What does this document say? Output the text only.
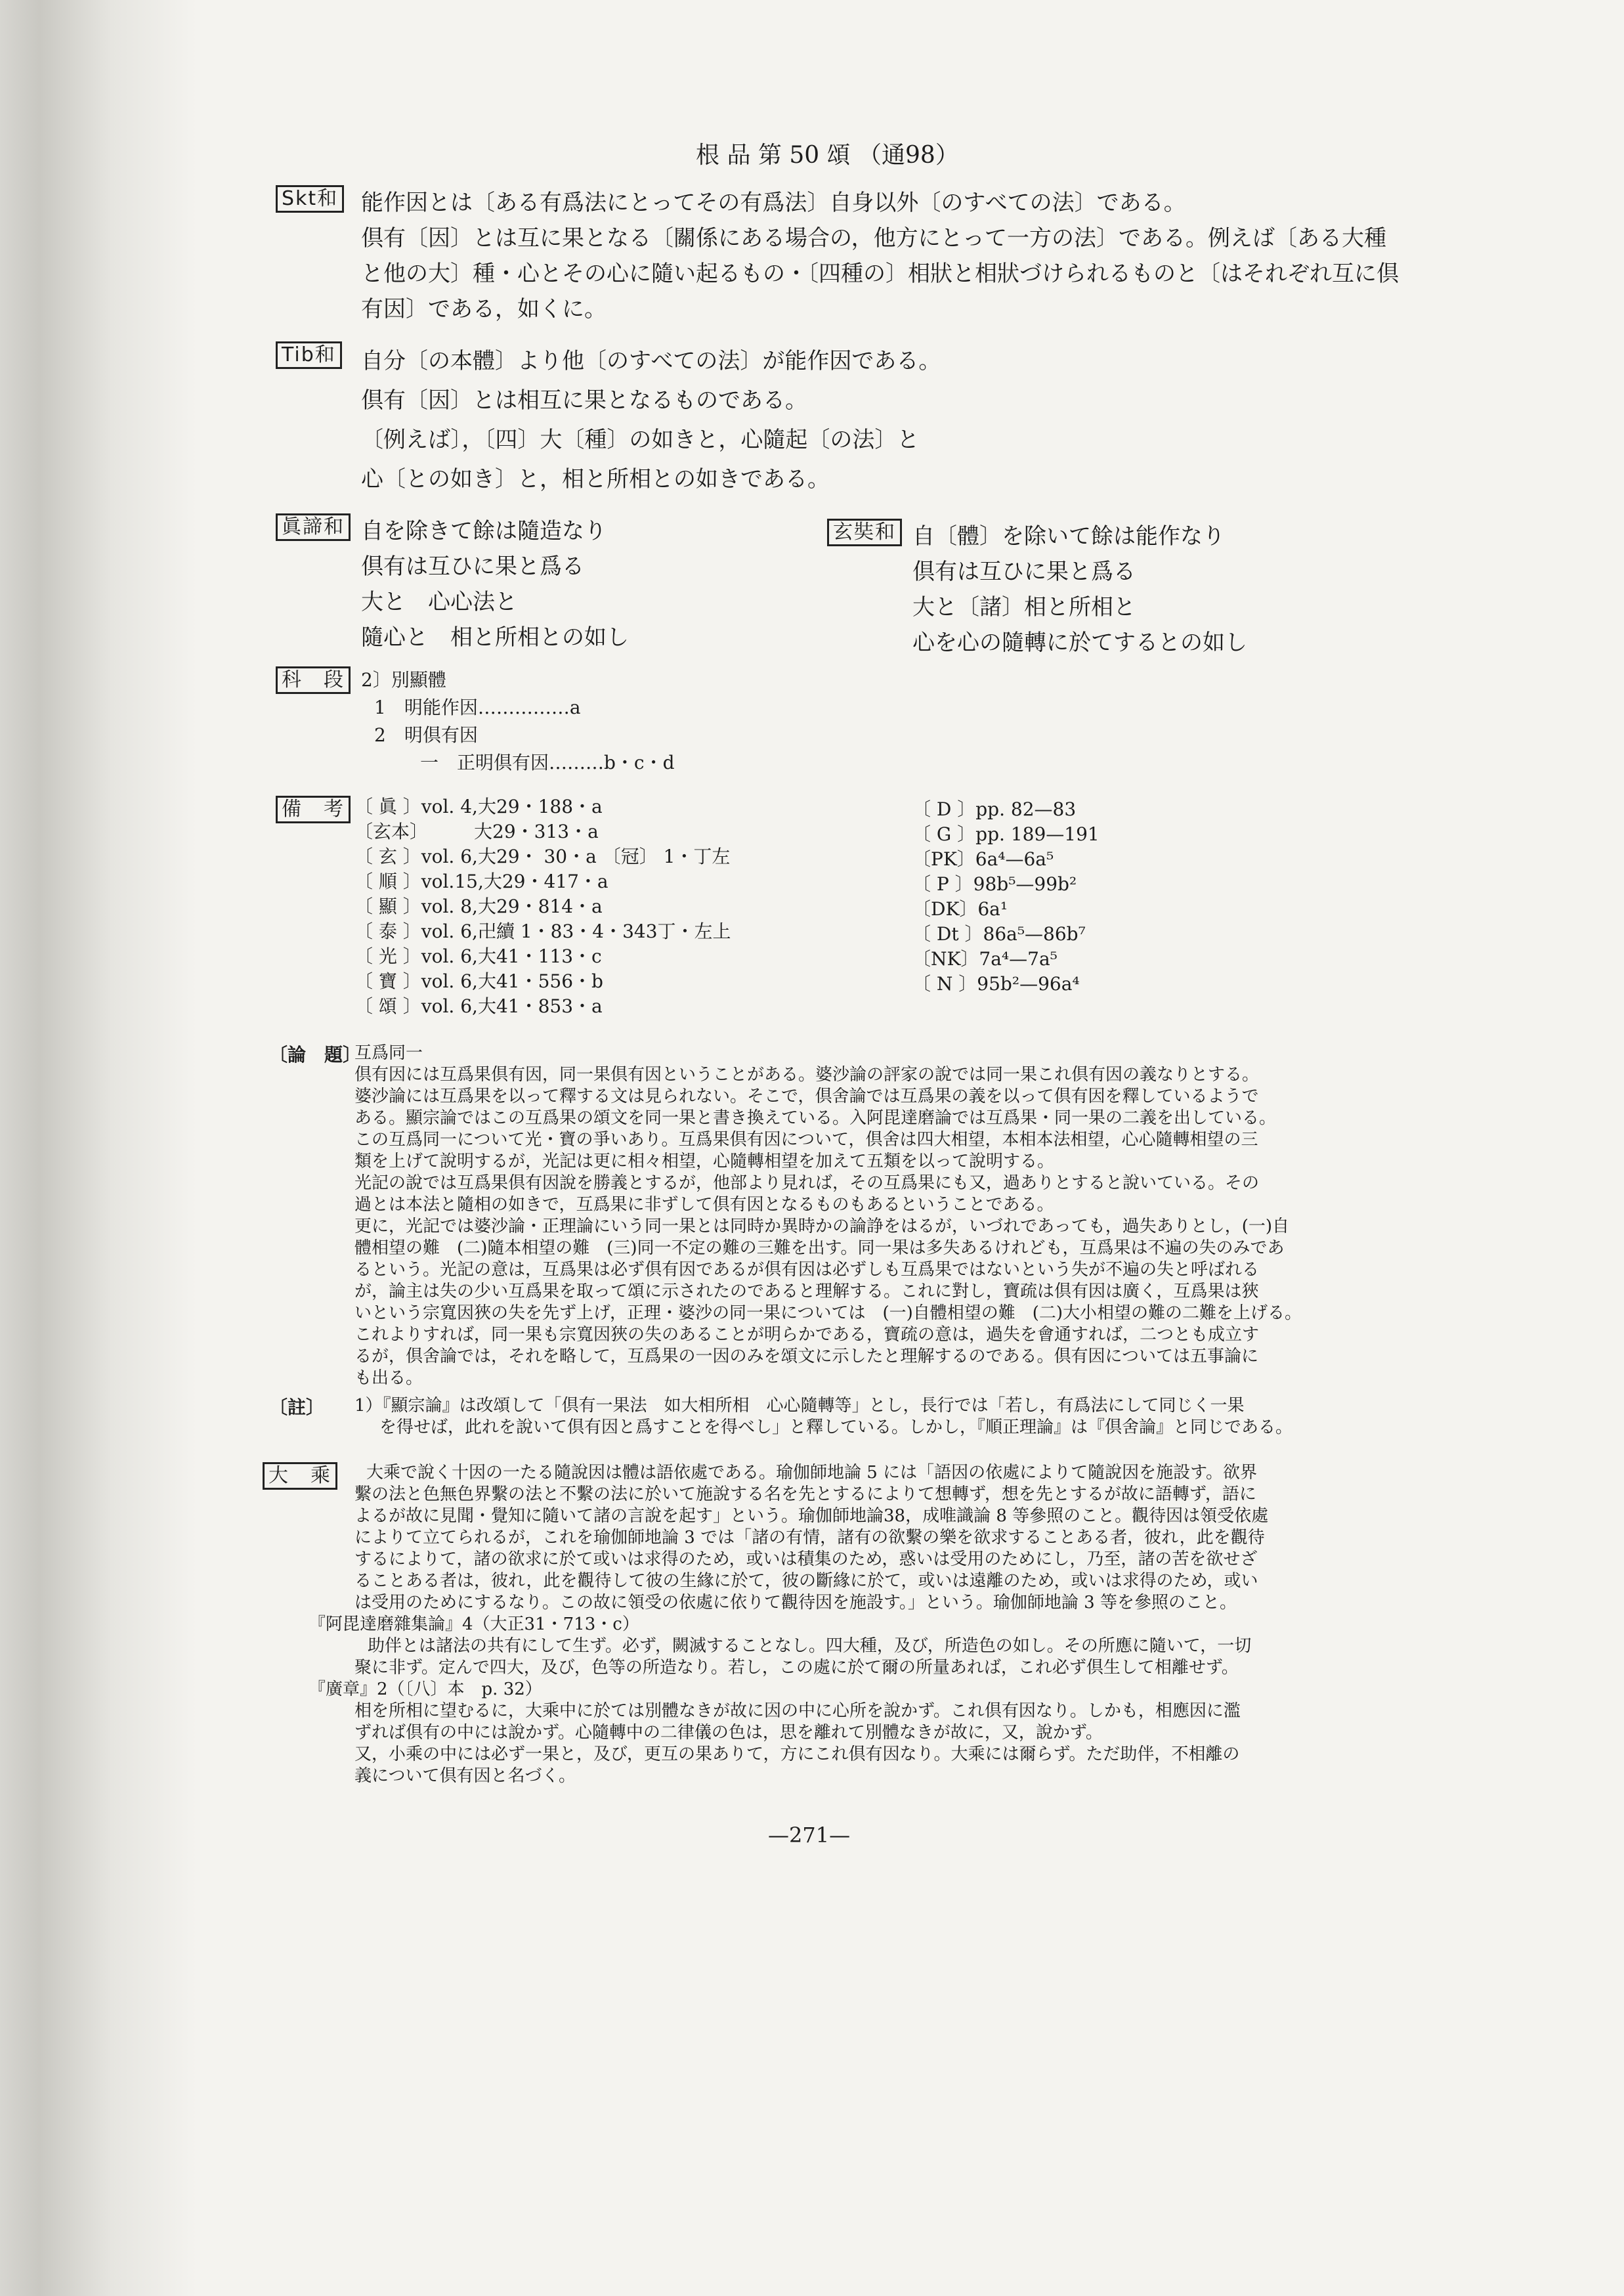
根 品 第 50 頌 （通98）
Skt和 能作因とは〔ある有爲法にとってその有爲法〕自身以外〔のすべての法〕である。
倶有〔因〕とは互に果となる〔關係にある場合の，他方にとって一方の法〕である。例えば〔ある大種
と他の大〕種・心とその心に隨い起るもの・〔四種の〕相狀と相狀づけられるものと〔はそれぞれ互に倶
有因〕である，如くに。
Tib和 自分〔の本體〕より他〔のすべての法〕が能作因である。
倶有〔因〕とは相互に果となるものである。
〔例えば〕，〔四〕大〔種〕の如きと，心隨起〔の法〕と
心〔との如き〕と，相と所相との如きである。
眞諦和 自を除きて餘は隨造なり
倶有は互ひに果と爲る
大と　心心法と
隨心と　相と所相との如し
玄奘和 自〔體〕を除いて餘は能作なり
倶有は互ひに果と爲る
大と〔諸〕相と所相と
心を心の隨轉に於てするとの如し
科　段 2〕別顯體
1　明能作因……………a
2　明倶有因
一　正明倶有因………b・c・d
備　考 〔 眞 〕vol. 4,大29・188・a
〔玄本〕　　　大29・313・a
〔 玄 〕vol. 6,大29・ 30・a 〔冠〕 1・丁左
〔 順 〕vol.15,大29・417・a
〔 顯 〕vol. 8,大29・814・a
〔 泰 〕vol. 6,卍續 1・83・4・343丁・左上
〔 光 〕vol. 6,大41・113・c
〔 寶 〕vol. 6,大41・556・b
〔 頌 〕vol. 6,大41・853・a
〔 D 〕pp. 82—83
〔 G 〕pp. 189—191
〔PK〕6a⁴—6a⁵
〔 P 〕98b⁵—99b²
〔DK〕6a¹
〔 Dt 〕86a⁵—86b⁷
〔NK〕7a⁴—7a⁵
〔 N 〕95b²—96a⁴
〔論　題〕
互爲同一
倶有因には互爲果倶有因，同一果倶有因ということがある。婆沙論の評家の說では同一果これ倶有因の義なりとする。
婆沙論には互爲果を以って釋する文は見られない。そこで，倶舍論では互爲果の義を以って倶有因を釋しているようで
ある。顯宗論ではこの互爲果の頌文を同一果と書き換えている。入阿毘達磨論では互爲果・同一果の二義を出している。
この互爲同一について光・寶の爭いあり。互爲果倶有因について，倶舍は四大相望，本相本法相望，心心隨轉相望の三
類を上げて說明するが，光記は更に相々相望，心隨轉相望を加えて五類を以って說明する。
光記の說では互爲果倶有因說を勝義とするが，他部より見れば，その互爲果にも又，過ありとすると說いている。その
過とは本法と隨相の如きで，互爲果に非ずして倶有因となるものもあるということである。
更に，光記では婆沙論・正理論にいう同一果とは同時か異時かの論諍をはるが，いづれであっても，過失ありとし，(一)自
體相望の難　(二)隨本相望の難　(三)同一不定の難の三難を出す。同一果は多失あるけれども，互爲果は不遍の失のみであ
るという。光記の意は，互爲果は必ず倶有因であるが倶有因は必ずしも互爲果ではないという失が不遍の失と呼ばれる
が，論主は失の少い互爲果を取って頌に示されたのであると理解する。これに對し，寶疏は倶有因は廣く，互爲果は狹
いという宗寬因狹の失を先ず上げ，正理・婆沙の同一果については　(一)自體相望の難　(二)大小相望の難の二難を上げる。
これよりすれば，同一果も宗寬因狹の失のあることが明らかである，寶疏の意は，過失を會通すれば，二つとも成立す
るが，倶舍論では，それを略して，互爲果の一因のみを頌文に示したと理解するのである。倶有因については五事論に
も出る。
〔註〕 1）『顯宗論』は改頌して「倶有一果法　如大相所相　心心隨轉等」とし，長行では「若し，有爲法にして同じく一果
を得せば，此れを說いて倶有因と爲すことを得べし」と釋している。しかし，『順正理論』は『倶舍論』と同じである。
大　乘	大乘で說く十因の一たる隨說因は體は語依處である。瑜伽師地論 5 には「語因の依處によりて隨說因を施設す。欲界
繫の法と色無色界繫の法と不繫の法に於いて施說する名を先とするによりて想轉ず，想を先とするが故に語轉ず，語に
よるが故に見聞・覺知に隨いて諸の言說を起す」という。瑜伽師地論38，成唯識論 8 等參照のこと。觀待因は領受依處
によりて立てられるが，これを瑜伽師地論 3 では「諸の有情，諸有の欲繫の樂を欲求することある者，彼れ，此を觀待
するによりて，諸の欲求に於て或いは求得のため，或いは積集のため，惑いは受用のためにし，乃至，諸の苦を欲せざ
ることある者は，彼れ，此を觀待して彼の生緣に於て，彼の斷緣に於て，或いは遠離のため，或いは求得のため，或い
は受用のためにするなり。この故に領受の依處に依りて觀待因を施設す。」という。瑜伽師地論 3 等を參照のこと。
『阿毘達磨雜集論』4（大正31・713・c）
助伴とは諸法の共有にして生ず。必ず，闕滅することなし。四大種，及び，所造色の如し。その所應に隨いて，一切
聚に非ず。定んで四大，及び，色等の所造なり。若し，この處に於て爾の所量あれば，これ必ず倶生して相離せず。
『廣章』2（〔八〕本　p. 32）
相を所相に望むるに，大乘中に於ては別體なきが故に因の中に心所を說かず。これ倶有因なり。しかも，相應因に濫
ずれば倶有の中には說かず。心隨轉中の二律儀の色は，思を離れて別體なきが故に，又，說かず。
又，小乘の中には必ず一果と，及び，更互の果ありて，方にこれ倶有因なり。大乘には爾らず。ただ助伴，不相離の
義について倶有因と名づく。
—271—
